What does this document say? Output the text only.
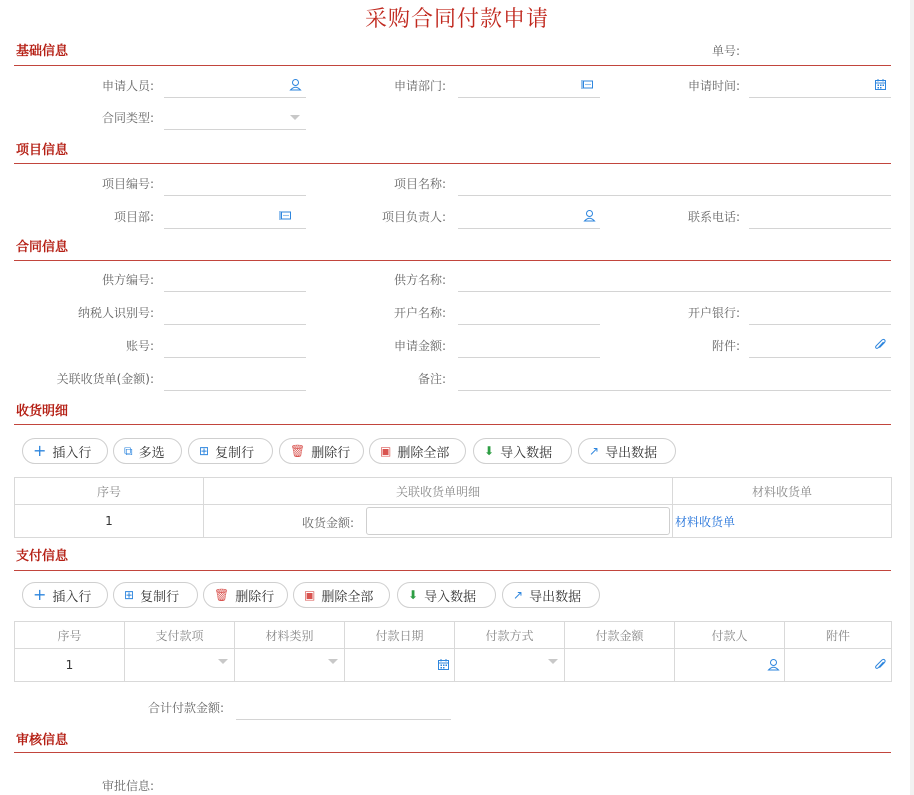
采购合同付款申请
基础信息	单号:
申请人员:	申请部门:	申请时间:
合同类型:
项目信息
项目编号:	项目名称:
项目部:	项目负责人:	联系电话:
合同信息
供方编号:	供方名称:
纳税人识别号:	开户名称:	开户银行:
账号:	申请金额:	附件:
关联收货单(金额):	备注:
收货明细
+ 插入行	⧉ 多选	⊞ 复制行	🗑︎ 删除行 ▣ 删除全部	⬇ 导入数据	↗ 导出数据
序号	关联收货单明细	材料收货单
1	收货金额:	材料收货单
支付信息
+ 插入行	⊞ 复制行	🗑︎ 删除行 ▣ 删除全部	⬇ 导入数据	↗ 导出数据
序号	支付款项	材料类别	付款日期	付款方式	付款金额	付款人	附件
1	

合计付款金额:
审核信息
审批信息:
